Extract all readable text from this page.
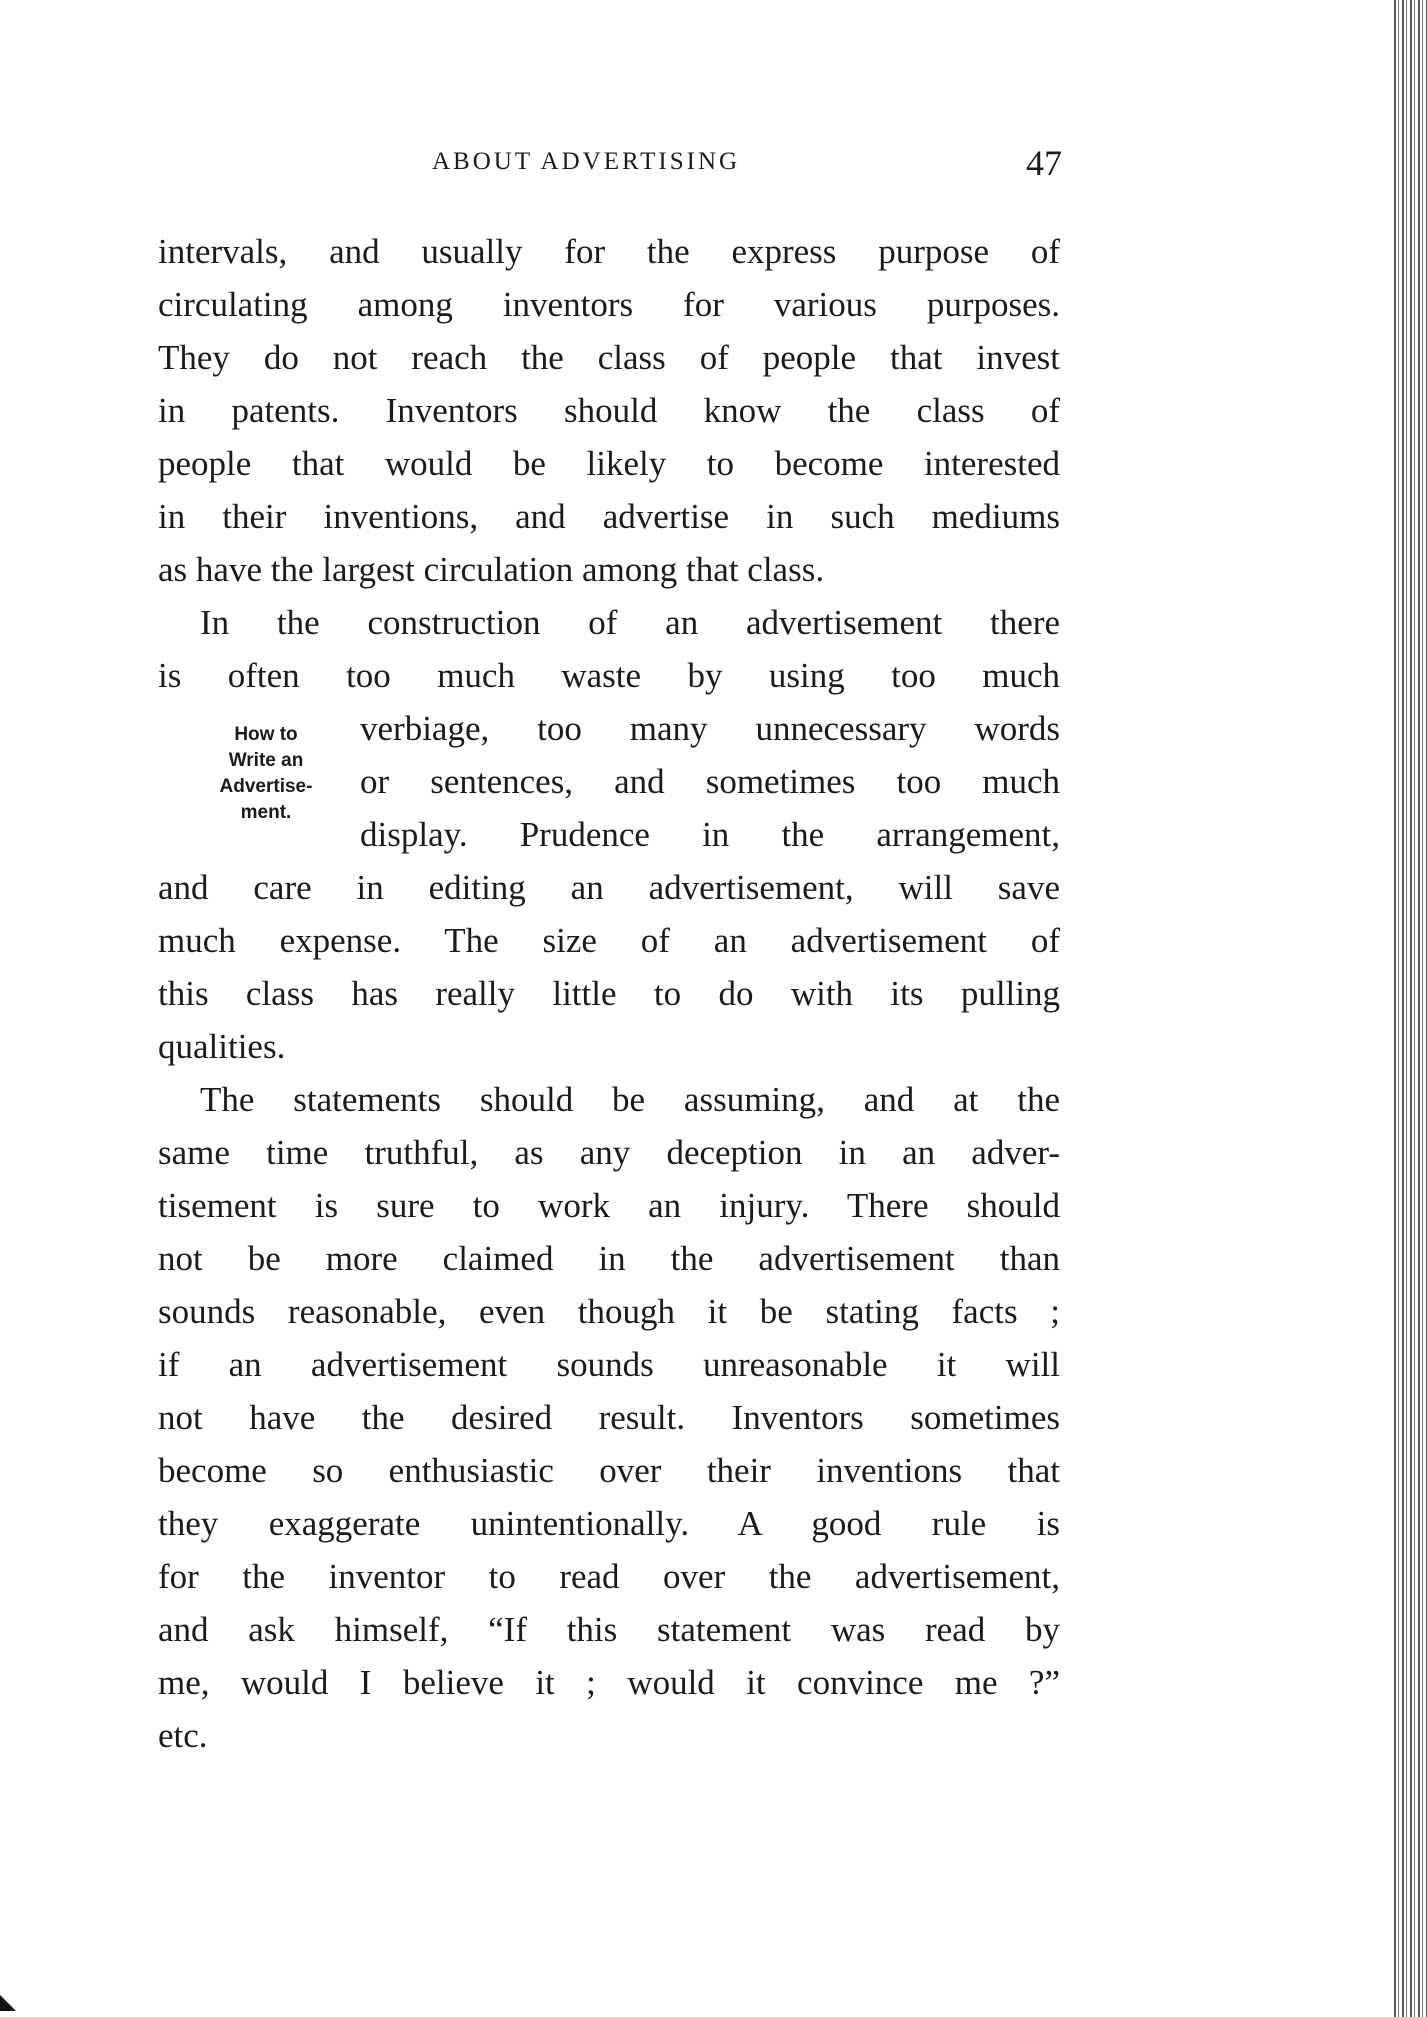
ABOUT ADVERTISING	47
How to
Write an
Advertise-
ment.
intervals, and usually for the express purpose of
circulating among inventors for various purposes.
They do not reach the class of people that invest
in patents. Inventors should know the class of
people that would be likely to become interested
in their inventions, and advertise in such mediums
as have the largest circulation among that class.
In the construction of an advertisement there
is often too much waste by using too much
verbiage, too many unnecessary words
or sentences, and sometimes too much
display. Prudence in the arrangement,
and care in editing an advertisement, will save
much expense. The size of an advertisement of
this class has really little to do with its pulling
qualities.
The statements should be assuming, and at the
same time truthful, as any deception in an adver-
tisement is sure to work an injury. There should
not be more claimed in the advertisement than
sounds reasonable, even though it be stating facts ;
if an advertisement sounds unreasonable it will
not have the desired result. Inventors sometimes
become so enthusiastic over their inventions that
they exaggerate unintentionally. A good rule is
for the inventor to read over the advertisement,
and ask himself, “If this statement was read by
me, would I believe it ; would it convince me ?”
etc.
